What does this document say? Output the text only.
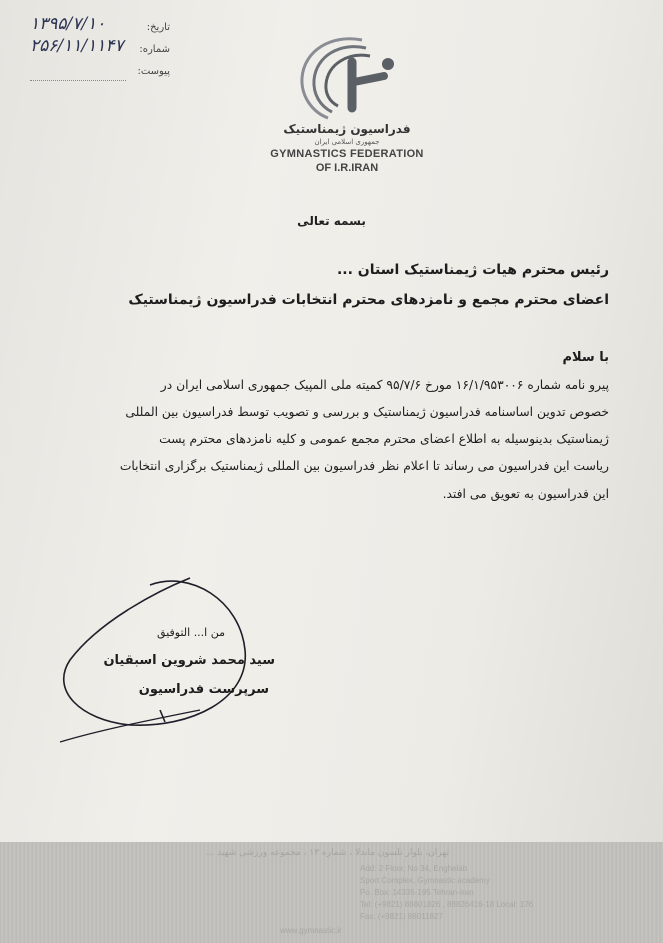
۱۳۹۵/۷/۱۰	تاریخ:
۲۵۶/۱۱/۱۱۴۷ شماره:
پیوست:
فدراسیون ژیمناستیک
جمهوری اسلامی ایران
GYMNASTICS FEDERATION
OF I.R.IRAN
بسمه تعالی
رئیس محترم هیات ژیمناستیک استان ...
اعضای محترم مجمع و نامزدهای محترم انتخابات فدراسیون ژیمناستیک
با سلام
پیرو نامه شماره ۱۶/۱/۹۵۳۰۰۶ مورخ ۹۵/۷/۶ کمیته ملی المپیک جمهوری اسلامی ایران در
خصوص تدوین اساسنامه فدراسیون ژیمناستیک و بررسی و تصویب توسط فدراسیون بین المللی
ژیمناستیک بدینوسیله به اطلاع اعضای محترم مجمع عمومی و کلیه نامزدهای محترم پست
ریاست این فدراسیون می رساند تا اعلام نظر فدراسیون بین المللی ژیمناستیک برگزاری انتخابات
این فدراسیون به تعویق می افتد.
من ا... التوفیق
سید محمد شروین اسبقیان
سرپرست فدراسیون
تهران، بلوار نلسون ماندلا ، شماره ۱۳ ، مجموعه ورزشی شهید ...
Add: 2 Floor, No 34, Enghelab
Sport Complex, Gymnastic academy
Po. Box: 14335-195 Tehran-Iran
Tel: (+9821) 88801826 , 88826416-18 Local: 176
Fax: (+9821) 88011827
www.gymnastic.ir
